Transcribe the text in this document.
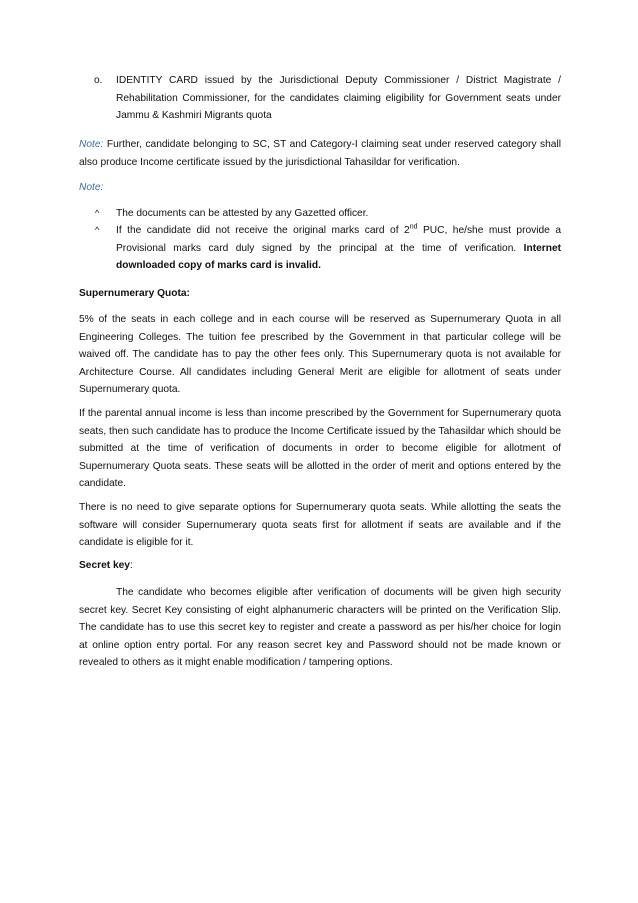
o. IDENTITY CARD issued by the Jurisdictional Deputy Commissioner / District Magistrate / Rehabilitation Commissioner, for the candidates claiming eligibility for Government seats under Jammu & Kashmiri Migrants quota
Note: Further, candidate belonging to SC, ST and Category-I claiming seat under reserved category shall also produce Income certificate issued by the jurisdictional Tahasildar for verification.
Note:
^ The documents can be attested by any Gazetted officer.
^ If the candidate did not receive the original marks card of 2nd PUC, he/she must provide a Provisional marks card duly signed by the principal at the time of verification. Internet downloaded copy of marks card is invalid.
Supernumerary Quota:
5% of the seats in each college and in each course will be reserved as Supernumerary Quota in all Engineering Colleges. The tuition fee prescribed by the Government in that particular college will be waived off. The candidate has to pay the other fees only. This Supernumerary quota is not available for Architecture Course. All candidates including General Merit are eligible for allotment of seats under Supernumerary quota.
If the parental annual income is less than income prescribed by the Government for Supernumerary quota seats, then such candidate has to produce the Income Certificate issued by the Tahasildar which should be submitted at the time of verification of documents in order to become eligible for allotment of Supernumerary Quota seats. These seats will be allotted in the order of merit and options entered by the candidate.
There is no need to give separate options for Supernumerary quota seats. While allotting the seats the software will consider Supernumerary quota seats first for allotment if seats are available and if the candidate is eligible for it.
Secret key:
The candidate who becomes eligible after verification of documents will be given high security secret key. Secret Key consisting of eight alphanumeric characters will be printed on the Verification Slip. The candidate has to use this secret key to register and create a password as per his/her choice for login at online option entry portal. For any reason secret key and Password should not be made known or revealed to others as it might enable modification / tampering options.
